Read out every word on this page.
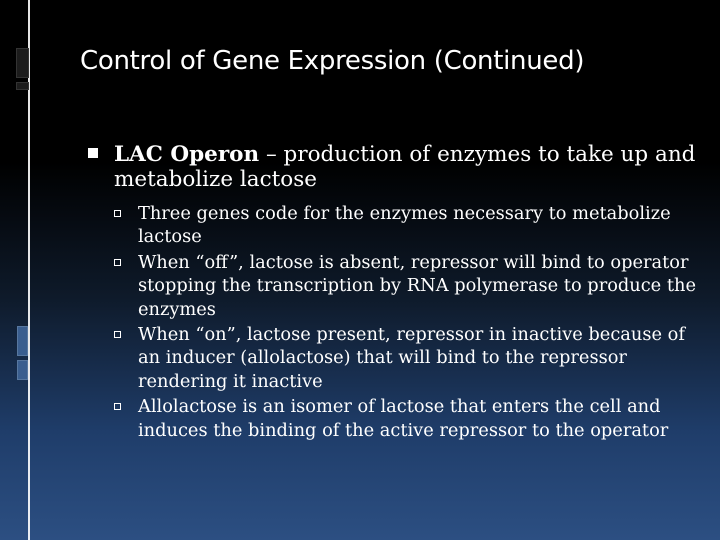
Control of Gene Expression (Continued)
LAC Operon – production of enzymes to take up and metabolize lactose
Three genes code for the enzymes necessary to metabolize lactose
When “off”, lactose is absent, repressor will bind to operator stopping the transcription by RNA polymerase to produce the enzymes
When “on”, lactose present, repressor in inactive because of an inducer (allolactose) that will bind to the repressor rendering it inactive
Allolactose is an isomer of lactose that enters the cell and induces the binding of the active repressor to the operator
